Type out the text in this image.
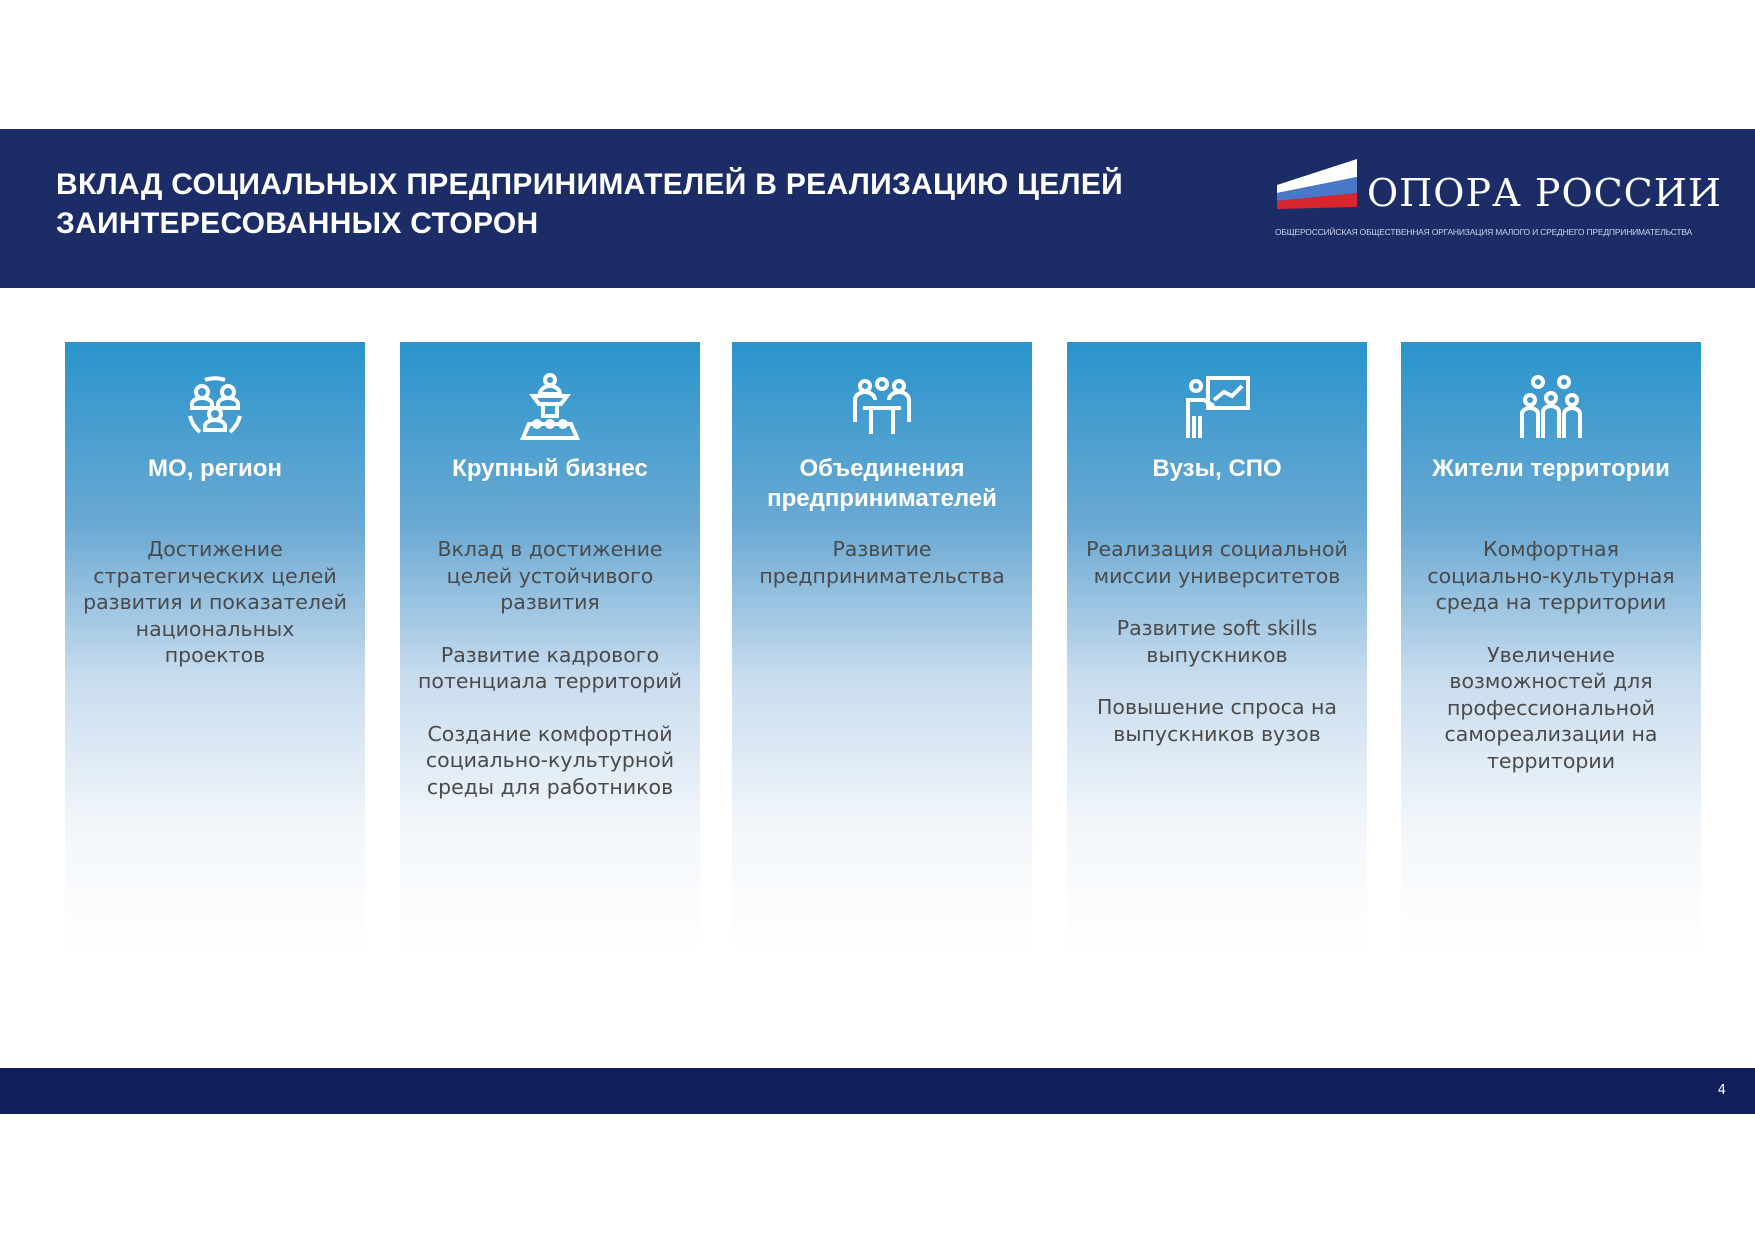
ВКЛАД СОЦИАЛЬНЫХ ПРЕДПРИНИМАТЕЛЕЙ В РЕАЛИЗАЦИЮ ЦЕЛЕЙ
ЗАИНТЕРЕСОВАННЫХ СТОРОН
ОПОРА РОССИИ
ОБЩЕРОССИЙСКАЯ ОБЩЕСТВЕННАЯ ОРГАНИЗАЦИЯ МАЛОГО И СРЕДНЕГО ПРЕДПРИНИМАТЕЛЬСТВА
МО, регион
Достижение стратегических целей развития и показателей национальных проектов
Крупный бизнес
Вклад в достижение целей устойчивого развития
Развитие кадрового потенциала территорий
Создание комфортной социально-культурной среды для работников
Объединения предпринимателей
Развитие предпринимательства
Вузы, СПО
Реализация социальной миссии университетов
Развитие soft skills выпускников
Повышение спроса на выпускников вузов
Жители территории
Комфортная социально-культурная среда на территории
Увеличение возможностей для профессиональной самореализации на территории
4
